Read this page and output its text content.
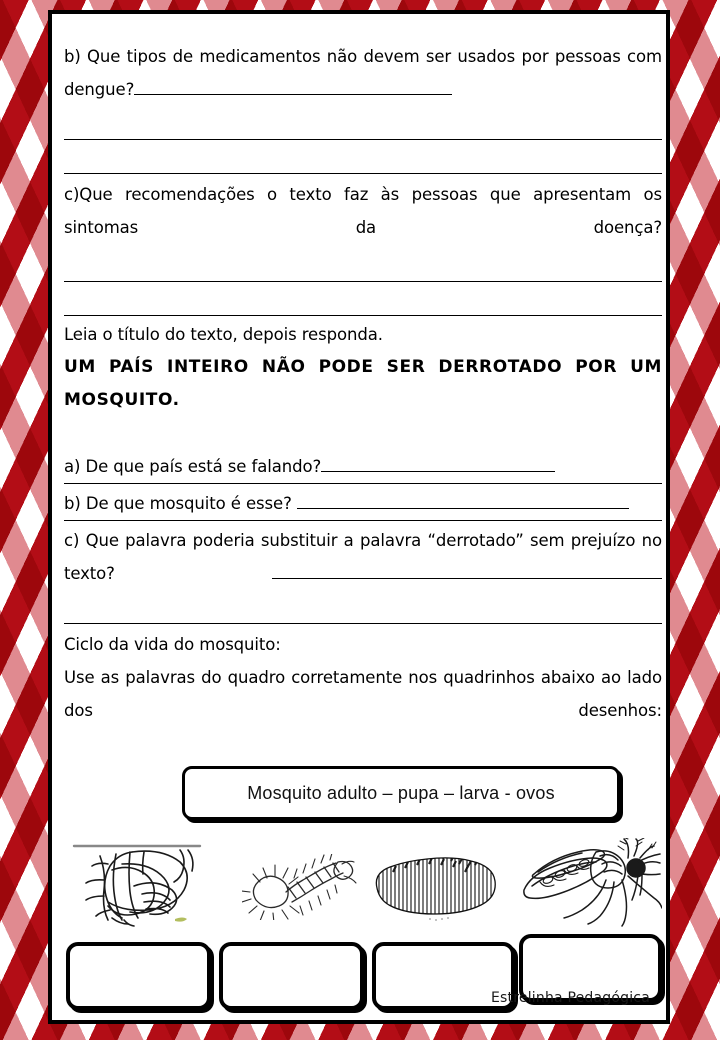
b) Que tipos de medicamentos não devem ser usados por pessoas com dengue?

c)Que recomendações o texto faz às pessoas que apresentam os sintomas da doença?

Leia o título do texto, depois responda.

UM PAÍS INTEIRO NÃO PODE SER DERROTADO POR UM MOSQUITO.

a) De que país está se falando?

b) De que mosquito é esse?

c) Que palavra poderia substituir a palavra “derrotado” sem prejuízo no texto?

Ciclo da vida do mosquito:

Use as palavras do quadro corretamente nos quadrinhos abaixo ao lado dos desenhos:

Mosquito adulto – pupa – larva - ovos
Estrelinha Pedagógica
